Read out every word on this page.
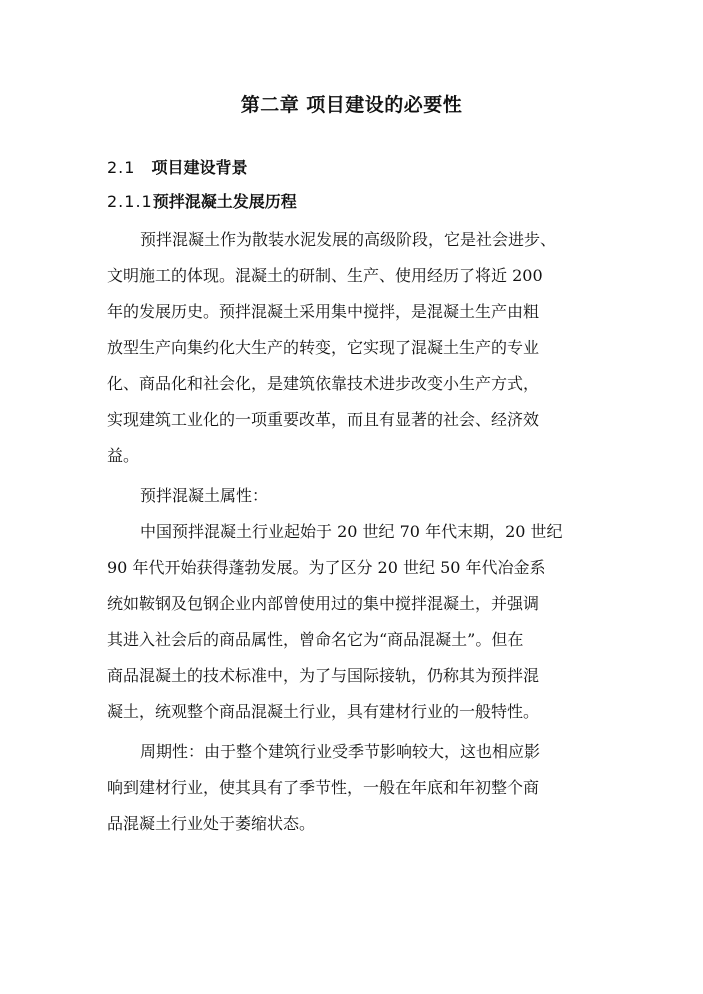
第二章 项目建设的必要性
2.1 项目建设背景
2.1.1预拌混凝土发展历程
预拌混凝土作为散装水泥发展的高级阶段，它是社会进步、
文明施工的体现。混凝土的研制、生产、使用经历了将近 200
年的发展历史。预拌混凝土采用集中搅拌，是混凝土生产由粗
放型生产向集约化大生产的转变，它实现了混凝土生产的专业
化、商品化和社会化，是建筑依靠技术进步改变小生产方式，
实现建筑工业化的一项重要改革，而且有显著的社会、经济效
益。
预拌混凝土属性：
中国预拌混凝土行业起始于 20 世纪 70 年代末期，20 世纪
90 年代开始获得蓬勃发展。为了区分 20 世纪 50 年代冶金系
统如鞍钢及包钢企业内部曾使用过的集中搅拌混凝土，并强调
其进入社会后的商品属性，曾命名它为“商品混凝土”。但在
商品混凝土的技术标准中，为了与国际接轨，仍称其为预拌混
凝土，统观整个商品混凝土行业，具有建材行业的一般特性。
周期性：由于整个建筑行业受季节影响较大，这也相应影
响到建材行业，使其具有了季节性，一般在年底和年初整个商
品混凝土行业处于萎缩状态。
